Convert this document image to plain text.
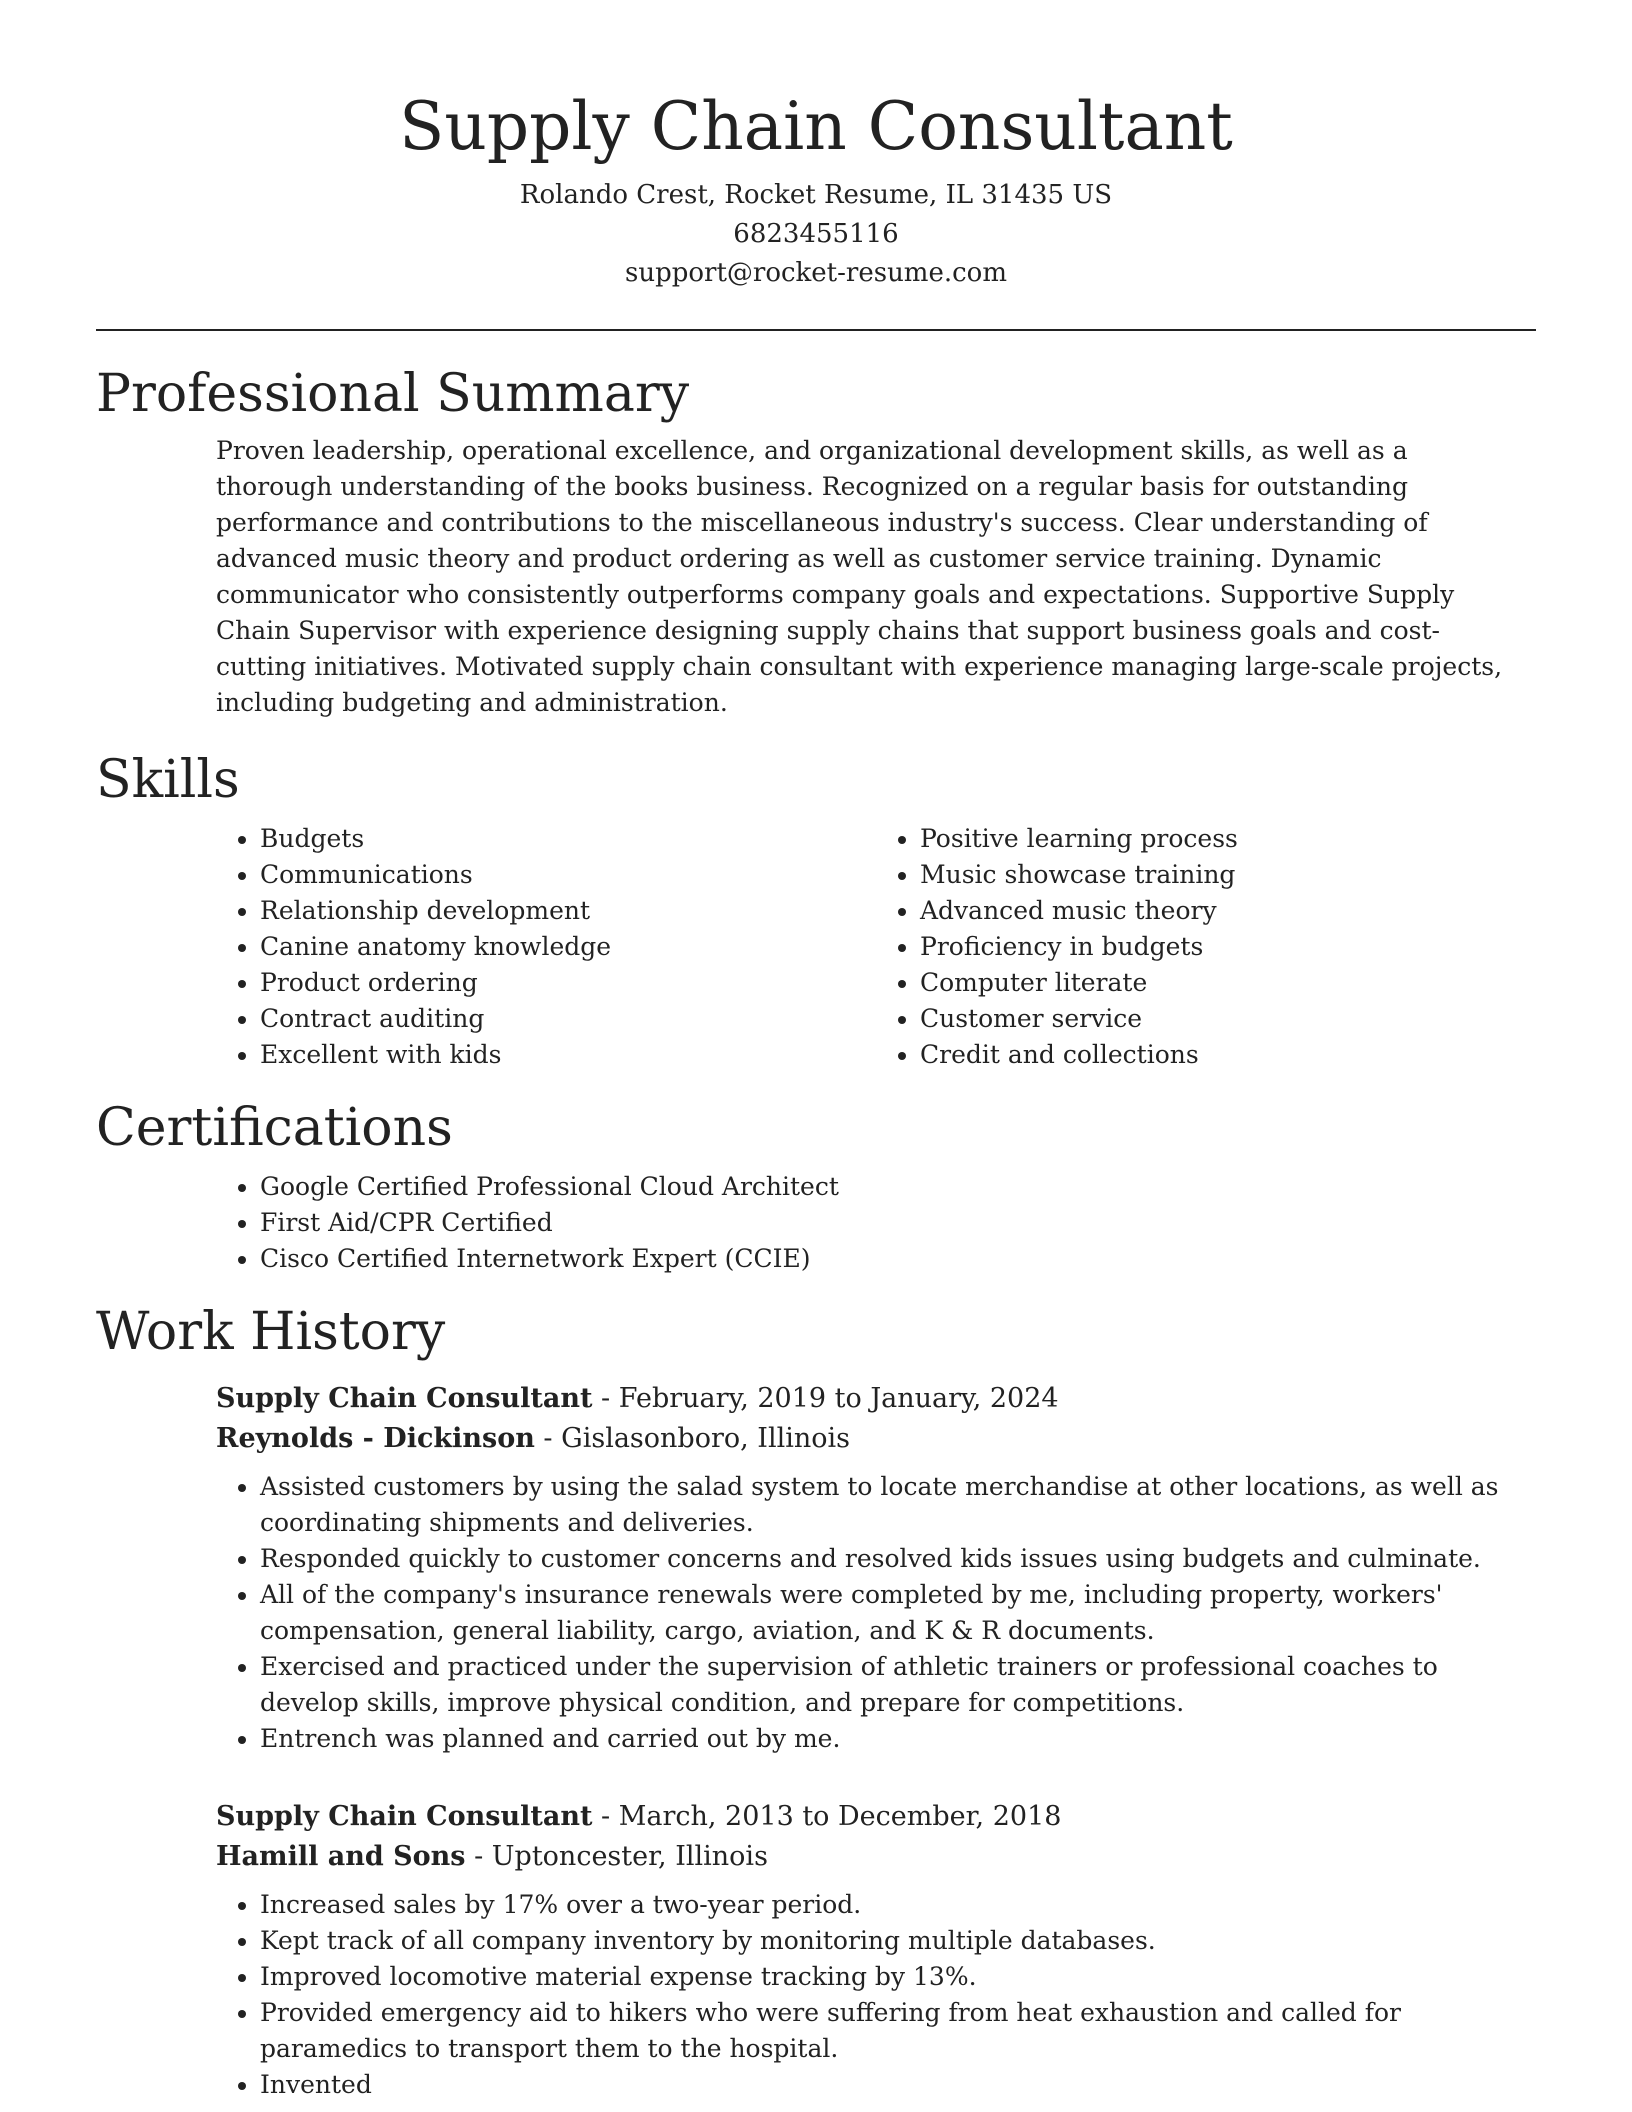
Supply Chain Consultant
Rolando Crest, Rocket Resume, IL 31435 US
6823455116
support@rocket-resume.com
Professional Summary

Proven leadership, operational excellence, and organizational development skills, as well as a thorough understanding of the books business. Recognized on a regular basis for outstanding performance and contributions to the miscellaneous industry's success. Clear understanding of advanced music theory and product ordering as well as customer service training. Dynamic communicator who consistently outperforms company goals and expectations. Supportive Supply Chain Supervisor with experience designing supply chains that support business goals and cost-cutting initiatives. Motivated supply chain consultant with experience managing large-scale projects, including budgeting and administration.

Skills
• Budgets
• Communications
• Relationship development
• Canine anatomy knowledge
• Product ordering
• Contract auditing
• Excellent with kids
• Positive learning process
• Music showcase training
• Advanced music theory
• Proficiency in budgets
• Computer literate
• Customer service
• Credit and collections
Certifications
• Google Certified Professional Cloud Architect
• First Aid/CPR Certified
• Cisco Certified Internetwork Expert (CCIE)
Work History
Supply Chain Consultant - February, 2019 to January, 2024
Reynolds - Dickinson - Gislasonboro, Illinois
• Assisted customers by using the salad system to locate merchandise at other locations, as well as coordinating shipments and deliveries.
• Responded quickly to customer concerns and resolved kids issues using budgets and culminate.
• All of the company's insurance renewals were completed by me, including property, workers' compensation, general liability, cargo, aviation, and K & R documents.
• Exercised and practiced under the supervision of athletic trainers or professional coaches to develop skills, improve physical condition, and prepare for competitions.
• Entrench was planned and carried out by me.
Supply Chain Consultant - March, 2013 to December, 2018
Hamill and Sons - Uptoncester, Illinois
• Increased sales by 17% over a two-year period.
• Kept track of all company inventory by monitoring multiple databases.
• Improved locomotive material expense tracking by 13%.
• Provided emergency aid to hikers who were suffering from heat exhaustion and called for paramedics to transport them to the hospital.
• Invented
